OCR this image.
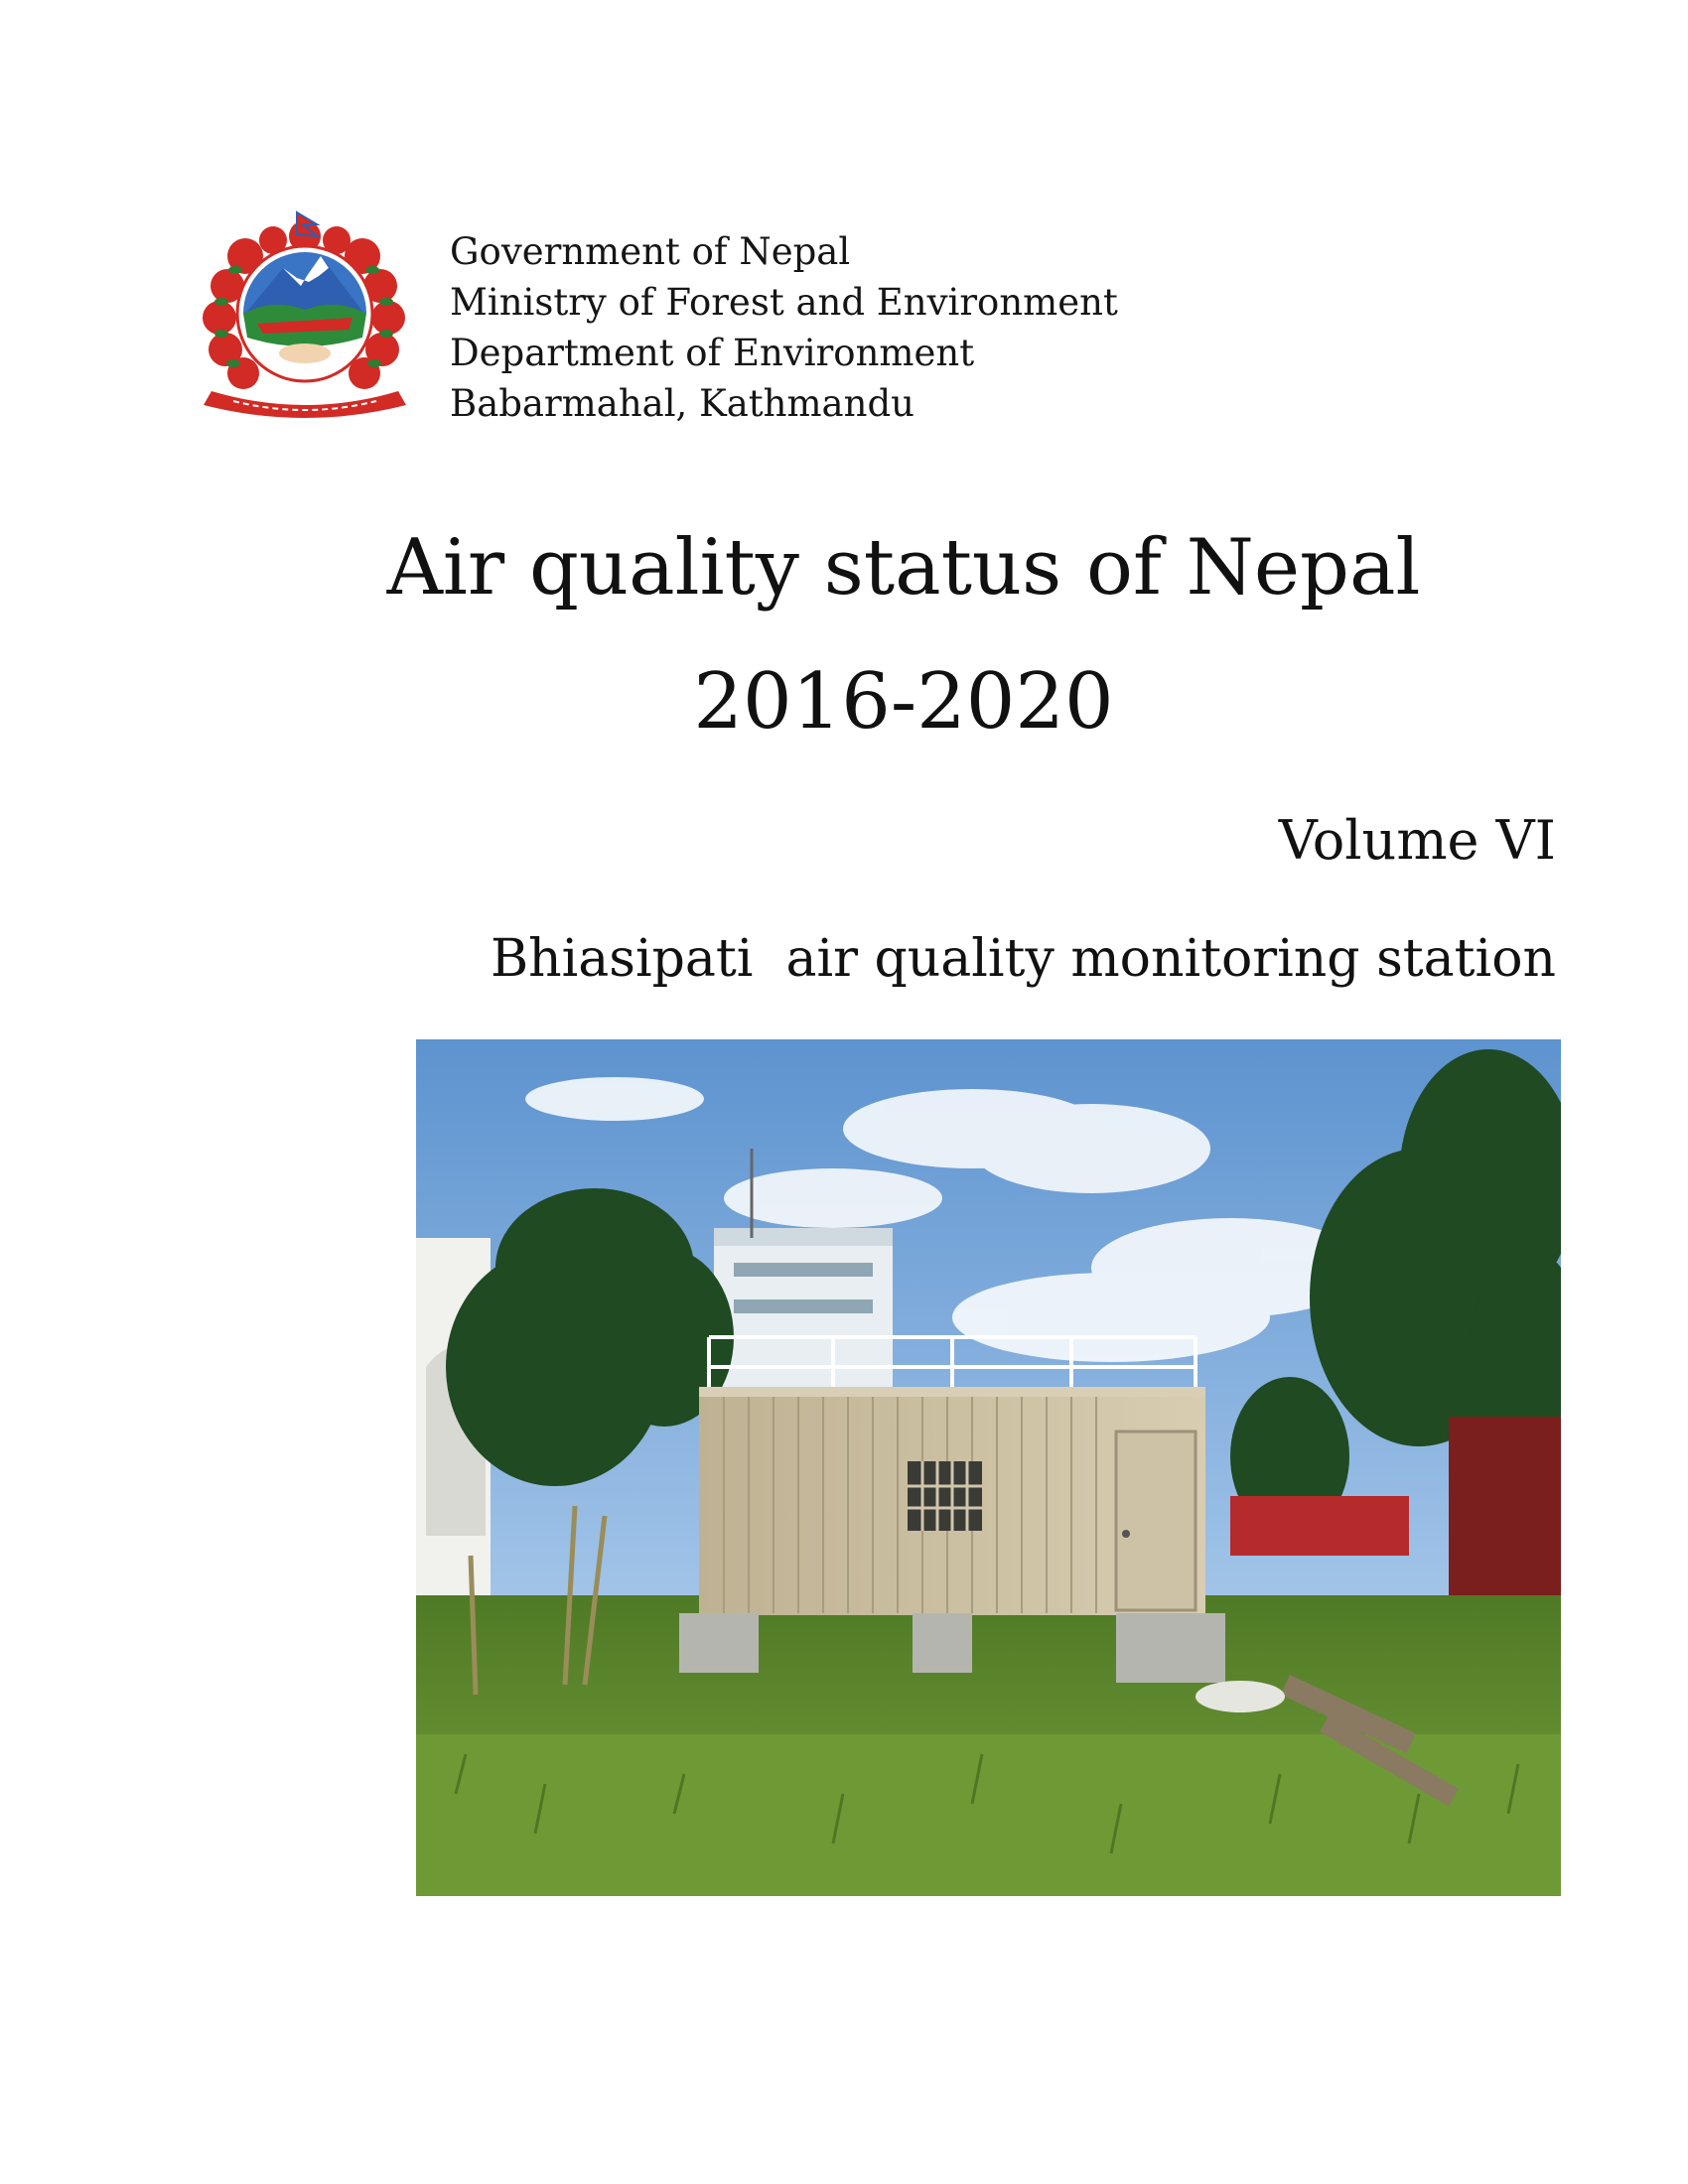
Government of Nepal
Ministry of Forest and Environment
Department of Environment
Babarmahal, Kathmandu
Air quality status of Nepal
2016-2020
Volume VI
Bhiasipati  air quality monitoring station
